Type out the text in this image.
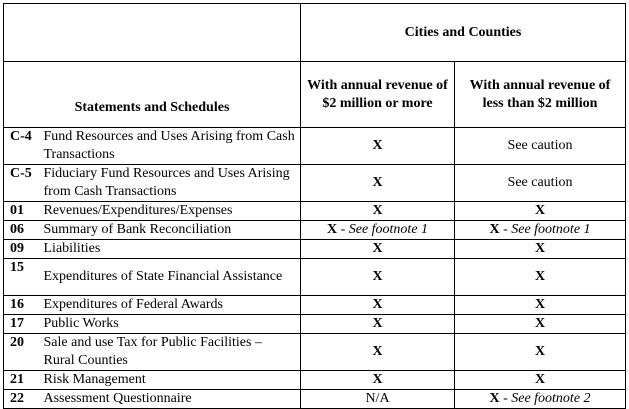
		Cities and Counties	
Statements and Schedules		With annual revenue of $2 million or more	With annual revenue of less than $2 million
C-4	Fund Resources and Uses Arising from Cash Transactions	X	See caution
C-5	Fiduciary Fund Resources and Uses Arising from Cash Transactions	X	See caution
01	Revenues/Expenditures/Expenses	X	X
06	Summary of Bank Reconciliation	X - See footnote 1	X - See footnote 1
09	Liabilities	X	X
15	Expenditures of State Financial Assistance	X	X
16	Expenditures of Federal Awards	X	X
17	Public Works	X	X
20	Sale and use Tax for Public Facilities – Rural Counties	X	X
21	Risk Management	X	X
22	Assessment Questionnaire	N/A	X - See footnote 2
